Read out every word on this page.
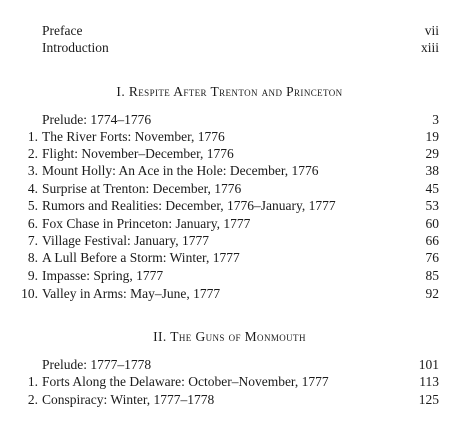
Preface	vii
Introduction	xiii
I. Respite After Trenton and Princeton
Prelude: 1774–1776	3
1. The River Forts: November, 1776	19
2. Flight: November–December, 1776	29
3. Mount Holly: An Ace in the Hole: December, 1776	38
4. Surprise at Trenton: December, 1776	45
5. Rumors and Realities: December, 1776–January, 1777	53
6. Fox Chase in Princeton: January, 1777	60
7. Village Festival: January, 1777	66
8. A Lull Before a Storm: Winter, 1777	76
9. Impasse: Spring, 1777	85
10. Valley in Arms: May–June, 1777	92
II. The Guns of Monmouth
Prelude: 1777–1778	101
1. Forts Along the Delaware: October–November, 1777	113
2. Conspiracy: Winter, 1777–1778	125
